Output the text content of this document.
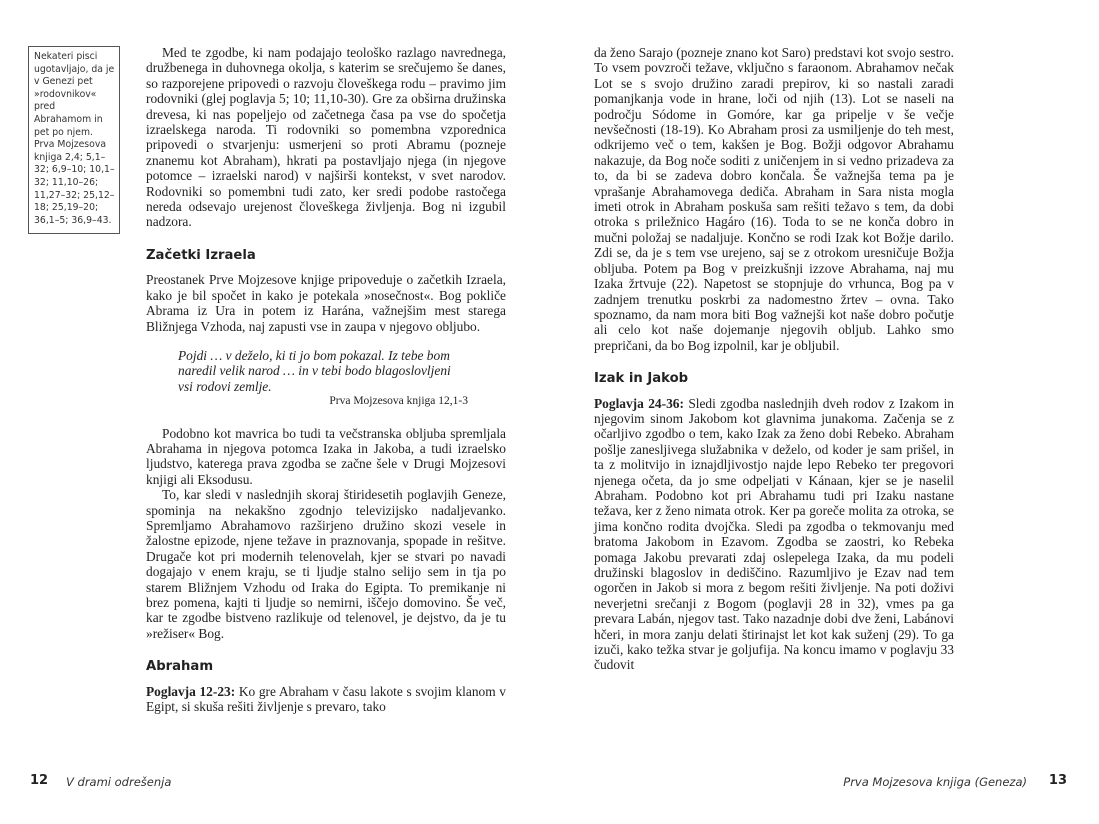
Nekateri pisci ugotavljajo, da je v Genezi pet »rodovnikov« pred Abrahamom in pet po njem. Prva Mojzesova knjiga 2,4; 5,1–32; 6,9–10; 10,1–32; 11,10–26; 11,27–32; 25,12–18; 25,19–20; 36,1–5; 36,9–43.

Med te zgodbe, ki nam podajajo teološko razlago navrednega, družbenega in duhovnega okolja, s katerim se srečujemo še danes, so razporejene pripovedi o razvoju človeškega rodu – pravimo jim rodovniki (glej poglavja 5; 10; 11,10-30). Gre za obširna družinska drevesa, ki nas popeljejo od začetnega časa pa vse do spočetja izraelskega naroda. Ti rodovniki so pomembna vzporednica pripovedi o stvarjenju: usmerjeni so proti Abramu (pozneje znanemu kot Abraham), hkrati pa postavljajo njega (in njegove potomce – izraelski narod) v najširši kontekst, v svet narodov. Rodovniki so pomembni tudi zato, ker sredi podobe rastočega nereda odsevajo urejenost človeškega življenja. Bog ni izgubil nadzora.

Začetki Izraela

Preostanek Prve Mojzesove knjige pripoveduje o začetkih Izraela, kako je bil spočet in kako je potekala »nosečnost«. Bog pokliče Abrama iz Ura in potem iz Harána, važnejšim mest starega Bližnjega Vzhoda, naj zapusti vse in zaupa v njegovo obljubo.

Pojdi … v deželo, ki ti jo bom pokazal. Iz tebe bom naredil velik narod … in v tebi bodo blagoslovljeni vsi rodovi zemlje.
Prva Mojzesova knjiga 12,1-3

Podobno kot mavrica bo tudi ta večstranska obljuba spremljala Abrahama in njegova potomca Izaka in Jakoba, a tudi izraelsko ljudstvo, katerega prava zgodba se začne šele v Drugi Mojzesovi knjigi ali Eksodusu.

To, kar sledi v naslednjih skoraj štiridesetih poglavjih Geneze, spominja na nekakšno zgodnjo televizijsko nadaljevanko. Spremljamo Abrahamovo razširjeno družino skozi vesele in žalostne epizode, njene težave in praznovanja, spopade in rešitve. Drugače kot pri modernih telenovelah, kjer se stvari po navadi dogajajo v enem kraju, se ti ljudje stalno selijo sem in tja po starem Bližnjem Vzhodu od Iraka do Egipta. To premikanje ni brez pomena, kajti ti ljudje so nemirni, iščejo domovino. Še več, kar te zgodbe bistveno razlikuje od telenovel, je dejstvo, da je tu »režiser« Bog.

Abraham

Poglavja 12-23: Ko gre Abraham v času lakote s svojim klanom v Egipt, si skuša rešiti življenje s prevaro, tako

12 V drami odrešenja

da ženo Sarajo (pozneje znano kot Saro) predstavi kot svojo sestro. To vsem povzroči težave, vključno s faraonom. Abrahamov nečak Lot se s svojo družino zaradi prepirov, ki so nastali zaradi pomanjkanja vode in hrane, loči od njih (13). Lot se naseli na področju Sódome in Gomóre, kar ga pripelje v še večje nevšečnosti (18-19). Ko Abraham prosi za usmiljenje do teh mest, odkrijemo več o tem, kakšen je Bog. Božji odgovor Abrahamu nakazuje, da Bog noče soditi z uničenjem in si vedno prizadeva za to, da bi se zadeva dobro končala. Še važnejša tema pa je vprašanje Abrahamovega dediča. Abraham in Sara nista mogla imeti otrok in Abraham poskuša sam rešiti težavo s tem, da dobi otroka s priležnico Hagáro (16). Toda to se ne konča dobro in mučni položaj se nadaljuje. Končno se rodi Izak kot Božje darilo. Zdi se, da je s tem vse urejeno, saj se z otrokom uresničuje Božja obljuba. Potem pa Bog v preizkušnji izzove Abrahama, naj mu Izaka žrtvuje (22). Napetost se stopnjuje do vrhunca, Bog pa v zadnjem trenutku poskrbi za nadomestno žrtev – ovna. Tako spoznamo, da nam mora biti Bog važnejši kot naše dobro počutje ali celo kot naše dojemanje njegovih obljub. Lahko smo prepričani, da bo Bog izpolnil, kar je obljubil.

Izak in Jakob

Poglavja 24-36: Sledi zgodba naslednjih dveh rodov z Izakom in njegovim sinom Jakobom kot glavnima junakoma. Začenja se z očarljivo zgodbo o tem, kako Izak za ženo dobi Rebeko. Abraham pošlje zanesljivega služabnika v deželo, od koder je sam prišel, in ta z molitvijo in iznajdljivostjo najde lepo Rebeko ter pregovori njenega očeta, da jo sme odpeljati v Kánaan, kjer se je naselil Abraham. Podobno kot pri Abrahamu tudi pri Izaku nastane težava, ker z ženo nimata otrok. Ker pa goreče molita za otroka, se jima končno rodita dvojčka. Sledi pa zgodba o tekmovanju med bratoma Jakobom in Ezavom. Zgodba se zaostri, ko Rebeka pomaga Jakobu prevarati zdaj oslepelega Izaka, da mu podeli družinski blagoslov in dediščino. Razumljivo je Ezav nad tem ogorčen in Jakob si mora z begom rešiti življenje. Na poti doživi neverjetni srečanji z Bogom (poglavji 28 in 32), vmes pa ga prevara Labán, njegov tast. Tako nazadnje dobi dve ženi, Labánovi hčeri, in mora zanju delati štirinajst let kot kak suženj (29). To ga izuči, kako težka stvar je goljufija. Na koncu imamo v poglavju 33 čudovit

Prva Mojzesova knjiga (Geneza) 13
